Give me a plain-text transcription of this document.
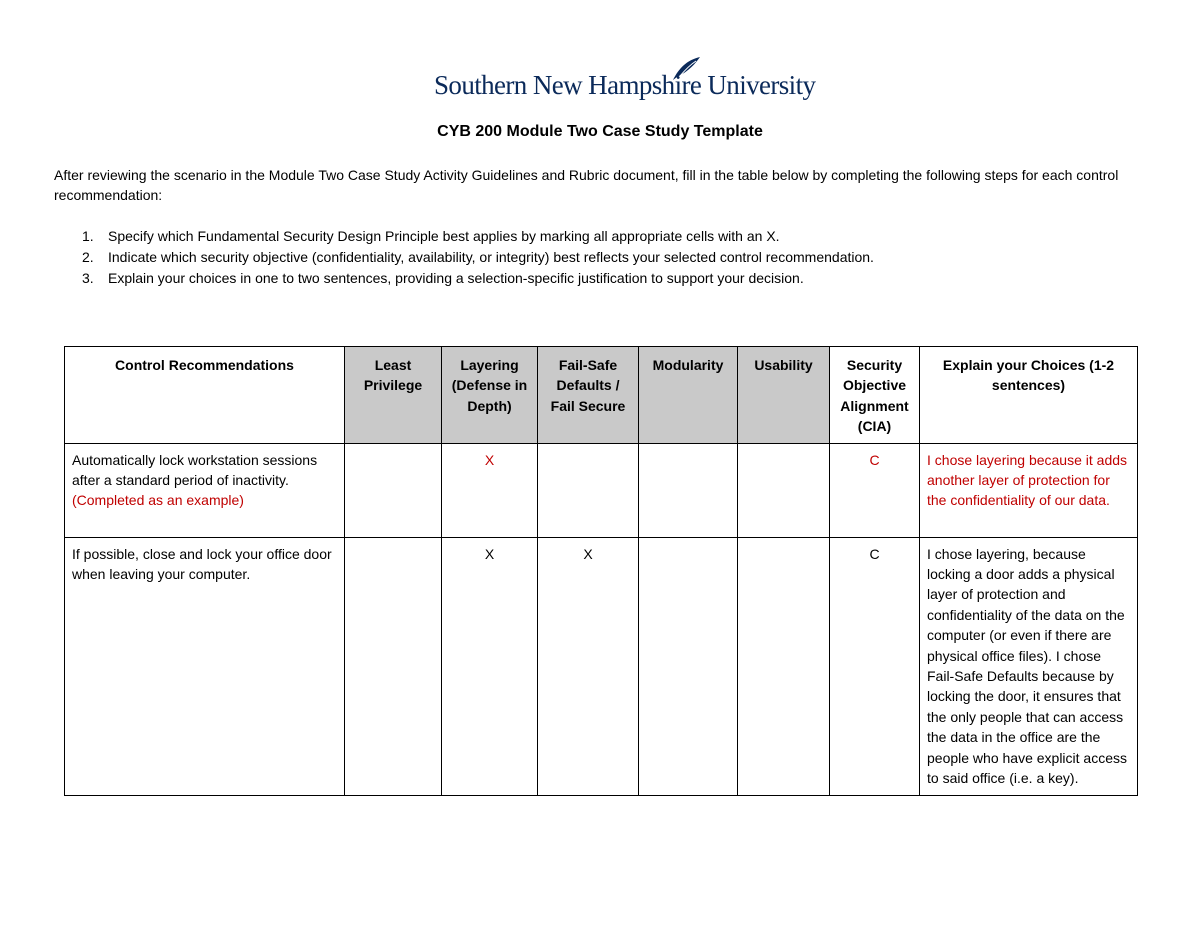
Southern New Hampshire University
CYB 200 Module Two Case Study Template
After reviewing the scenario in the Module Two Case Study Activity Guidelines and Rubric document, fill in the table below by completing the following steps for each control recommendation:
1. Specify which Fundamental Security Design Principle best applies by marking all appropriate cells with an X.
2. Indicate which security objective (confidentiality, availability, or integrity) best reflects your selected control recommendation.
3. Explain your choices in one to two sentences, providing a selection-specific justification to support your decision.
Control Recommendations	Least Privilege	Layering (Defense in Depth)	Fail-Safe Defaults / Fail Secure	Modularity	Usability	Security Objective Alignment (CIA)	Explain your Choices (1-2 sentences)
Automatically lock workstation sessions after a standard period of inactivity. (Completed as an example)		X				C	I chose layering because it adds another layer of protection for the confidentiality of our data.
If possible, close and lock your office door when leaving your computer.		X	X			C	I chose layering, because locking a door adds a physical layer of protection and confidentiality of the data on the computer (or even if there are physical office files). I chose Fail-Safe Defaults because by locking the door, it ensures that the only people that can access the data in the office are the people who have explicit access to said office (i.e. a key).
